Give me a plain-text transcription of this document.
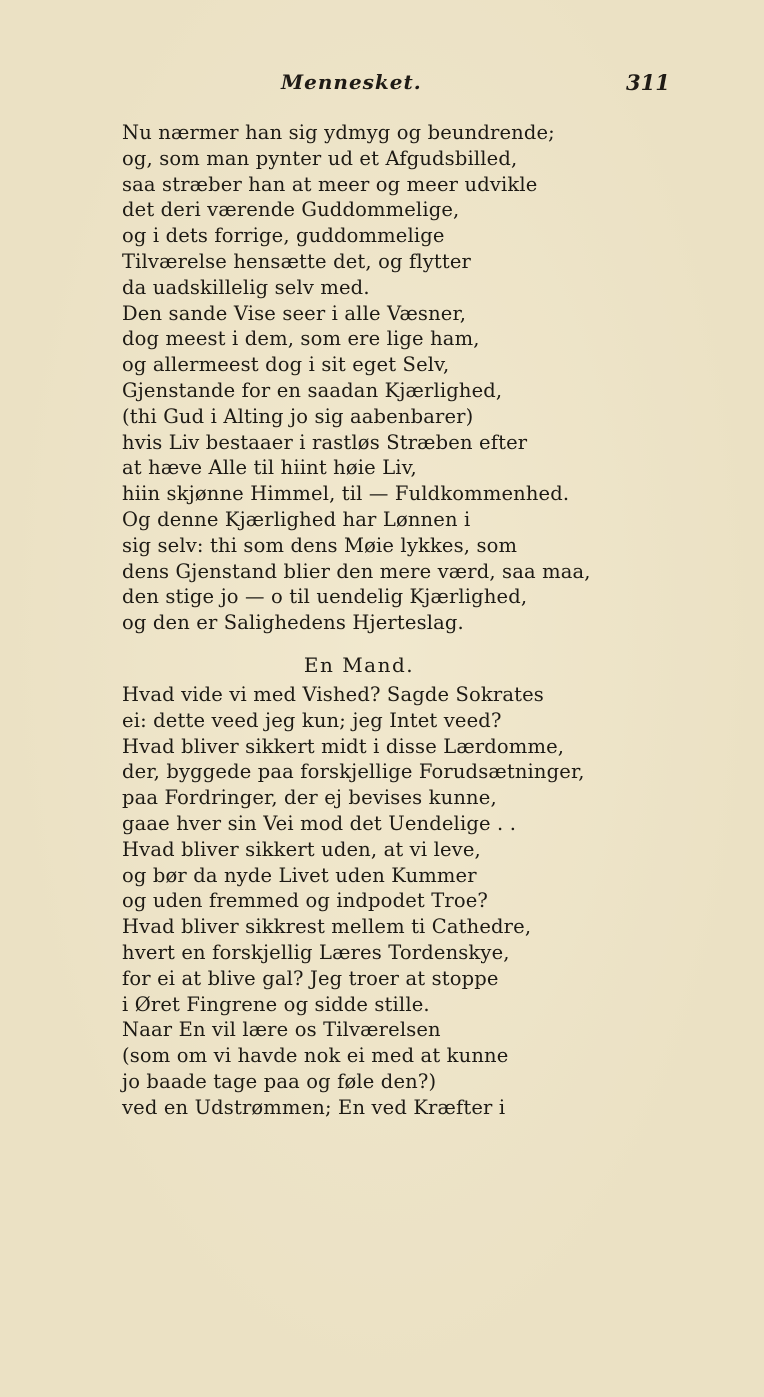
Mennesket.	311
Nu nærmer han sig ydmyg og beundrende;
og, som man pynter ud et Afgudsbilled,
saa stræber han at meer og meer udvikle
det deri værende Guddommelige,
og i dets forrige, guddommelige
Tilværelse hensætte det, og flytter
da uadskillelig selv med.
Den sande Vise seer i alle Væsner,
dog meest i dem, som ere lige ham,
og allermeest dog i sit eget Selv,
Gjenstande for en saadan Kjærlighed,
(thi Gud i Alting jo sig aabenbarer)
hvis Liv bestaaer i rastløs Stræben efter
at hæve Alle til hiint høie Liv,
hiin skjønne Himmel, til — Fuldkommenhed.
Og denne Kjærlighed har Lønnen i
sig selv: thi som dens Møie lykkes, som
dens Gjenstand blier den mere værd, saa maa,
den stige jo — o til uendelig Kjærlighed,
og den er Salighedens Hjerteslag.
En Mand.
Hvad vide vi med Vished? Sagde Sokrates
ei: dette veed jeg kun; jeg Intet veed?
Hvad bliver sikkert midt i disse Lærdomme,
der, byggede paa forskjellige Forudsætninger,
paa Fordringer, der ej bevises kunne,
gaae hver sin Vei mod det Uendelige . .
Hvad bliver sikkert uden, at vi leve,
og bør da nyde Livet uden Kummer
og uden fremmed og indpodet Troe?
Hvad bliver sikkrest mellem ti Cathedre,
hvert en forskjellig Læres Tordenskye,
for ei at blive gal? Jeg troer at stoppe
i Øret Fingrene og sidde stille.
Naar En vil lære os Tilværelsen
(som om vi havde nok ei med at kunne
jo baade tage paa og føle den?)
ved en Udstrømmen; En ved Kræfter i
